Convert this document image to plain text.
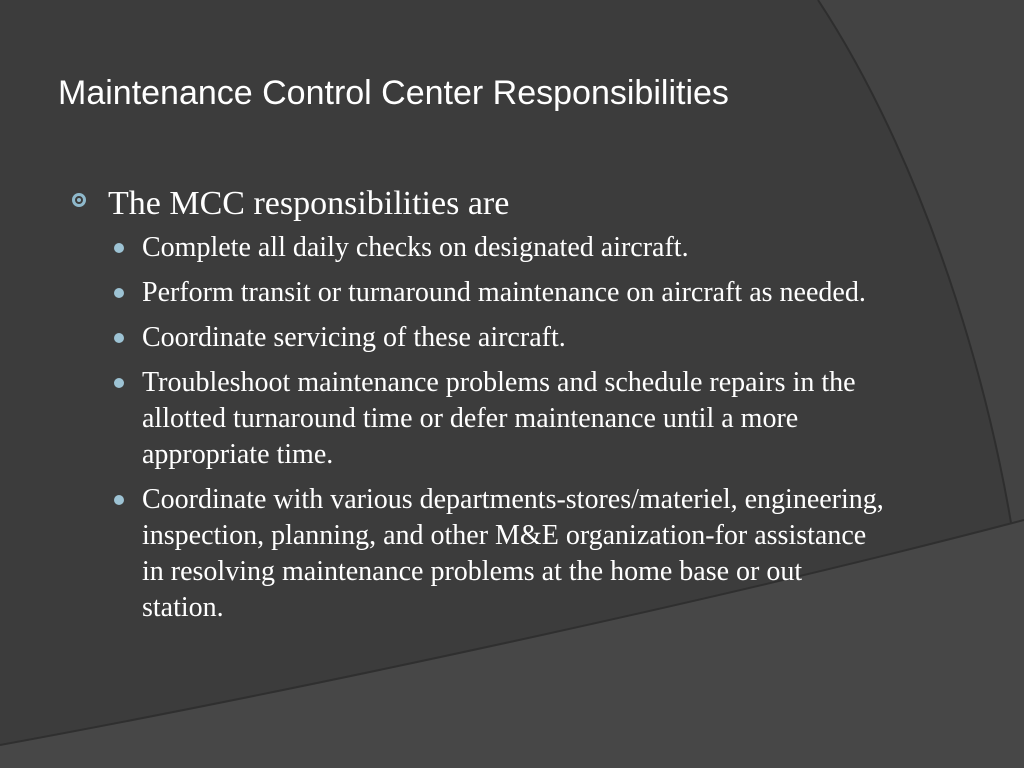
Maintenance Control Center Responsibilities
The MCC responsibilities are
Complete all daily checks on designated aircraft.
Perform transit or turnaround maintenance on aircraft as needed.
Coordinate servicing of these aircraft.
Troubleshoot maintenance problems and schedule repairs in the allotted turnaround time or defer maintenance until a more appropriate time.
Coordinate with various departments-stores/materiel, engineering, inspection, planning, and other M&E organization-for assistance in resolving maintenance problems at the home base or out station.
